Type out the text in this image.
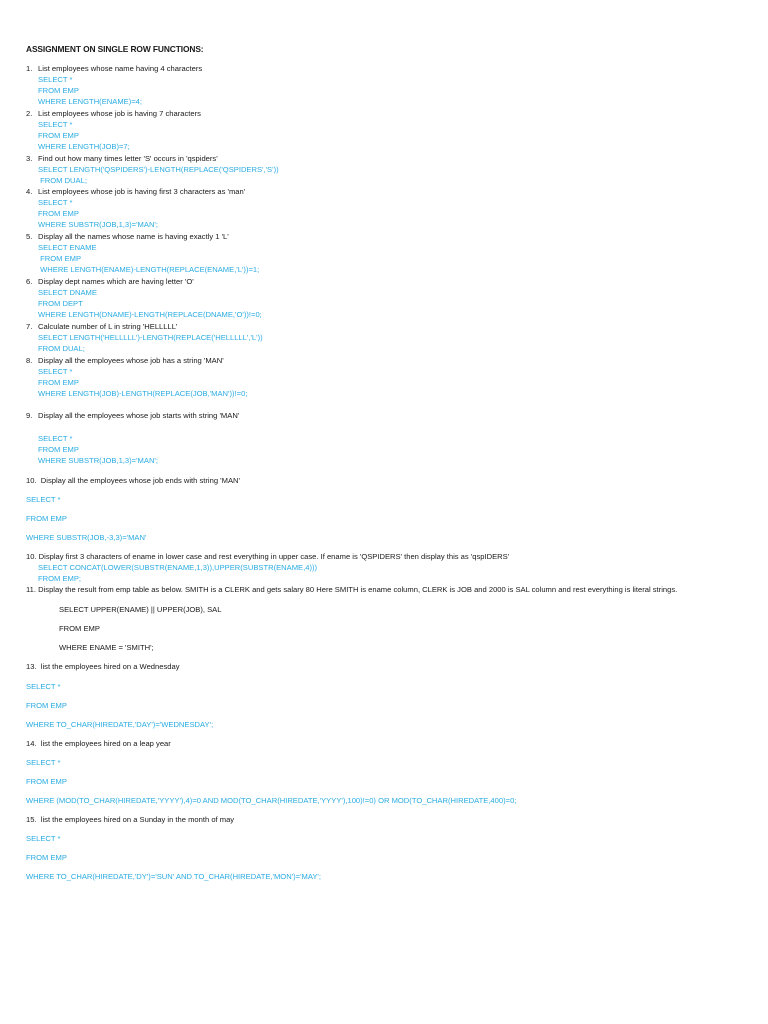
ASSIGNMENT ON SINGLE ROW FUNCTIONS:
1. List employees whose name having 4 characters
SELECT *
FROM EMP
WHERE LENGTH(ENAME)=4;
2. List employees whose job is having 7 characters
SELECT *
FROM EMP
WHERE LENGTH(JOB)=7;
3. Find out how many times letter 'S' occurs in 'qspiders'
SELECT LENGTH('QSPIDERS')-LENGTH(REPLACE('QSPIDERS','S'))
FROM DUAL;
4. List employees whose job is having first 3 characters as 'man'
SELECT *
FROM EMP
WHERE SUBSTR(JOB,1,3)='MAN';
5. Display all the names whose name is having exactly 1 'L'
SELECT ENAME
FROM EMP
WHERE LENGTH(ENAME)-LENGTH(REPLACE(ENAME,'L'))=1;
6. Display dept names which are having letter 'O'
SELECT DNAME
FROM DEPT
WHERE LENGTH(DNAME)-LENGTH(REPLACE(DNAME,'O'))!=0;
7. Calculate number of L in string 'HELLLLL'
SELECT LENGTH('HELLLLL')-LENGTH(REPLACE('HELLLLL','L'))
FROM DUAL;
8. Display all the employees whose job has a string 'MAN'
SELECT *
FROM EMP
WHERE LENGTH(JOB)-LENGTH(REPLACE(JOB,'MAN'))!=0;
9. Display all the employees whose job starts with string 'MAN'
SELECT *
FROM EMP
WHERE SUBSTR(JOB,1,3)='MAN';
10.  Display all the employees whose job ends with string 'MAN'
SELECT *
FROM EMP
WHERE SUBSTR(JOB,-3,3)='MAN'
10. Display first 3 characters of ename in lower case and rest everything in upper case. If ename is 'QSPIDERS' then display this as 'qspIDERS'
SELECT CONCAT(LOWER(SUBSTR(ENAME,1,3)),UPPER(SUBSTR(ENAME,4)))
FROM EMP;
11. Display the result from emp table as below. SMITH is a CLERK and gets salary 80 Here SMITH is ename column, CLERK is JOB and 2000 is SAL column and rest everything is literal strings.
SELECT UPPER(ENAME) || UPPER(JOB), SAL
FROM EMP
WHERE ENAME = 'SMITH';
13.  list the employees hired on a Wednesday
SELECT *
FROM EMP
WHERE TO_CHAR(HIREDATE,'DAY')='WEDNESDAY';
14.  list the employees hired on a leap year
SELECT *
FROM EMP
WHERE (MOD(TO_CHAR(HIREDATE,'YYYY'),4)=0 AND MOD(TO_CHAR(HIREDATE,'YYYY'),100)!=0) OR MOD(TO_CHAR(HIREDATE,400)=0;
15.  list the employees hired on a Sunday in the month of may
SELECT *
FROM EMP
WHERE TO_CHAR(HIREDATE,'DY')='SUN' AND TO_CHAR(HIREDATE,'MON')='MAY';
